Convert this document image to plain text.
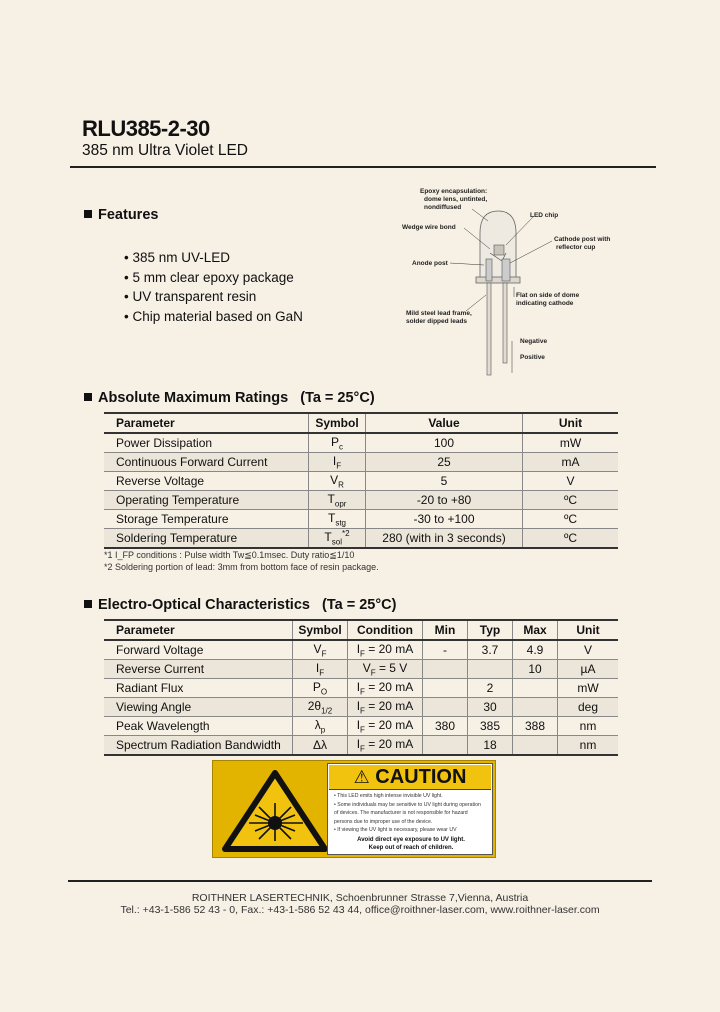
RLU385-2-30
385 nm Ultra Violet LED
Features
• 385 nm UV-LED
• 5 mm clear epoxy package
• UV transparent resin
• Chip material based on GaN
Epoxy encapsulation:
dome lens, untinted,
nondiffused
LED chip
Wedge wire bond
Cathode post with
reflector cup
Anode post
Flat on side of dome
indicating cathode
Mild steel lead frame,
solder dipped leads
Negative
Positive
Absolute Maximum Ratings (Ta = 25°C)
Parameter	Symbol	Value	Unit
Power Dissipation	$P_c$	100	mW
Continuous Forward Current	$I_F$	25	mA
Reverse Voltage	$V_R$	5	V
Operating Temperature	$T_{opr}$	-20 to +80	ºC
Storage Temperature	$T_{stg}$	-30 to +100	ºC
Soldering Temperature	$T_{sol}^{*2}$	280 (with in 3 seconds)	ºC
*1 I_FP conditions : Pulse width Tw≦0.1msec. Duty ratio≦1/10
*2 Soldering portion of lead: 3mm from bottom face of resin package.
Electro-Optical Characteristics (Ta = 25°C)
Parameter	Symbol	Condition	Min	Typ	Max	Unit
Forward Voltage	$V_F$	$I_F = 20$ mA	-	3.7	4.9	V
Reverse Current	$I_F$	$V_F = 5$ V			10	µA
Radiant Flux	$P_O$	$I_F = 20$ mA		2		mW
Viewing Angle	$2\theta_{1/2}$	$I_F = 20$ mA		30		deg
Peak Wavelength	$\lambda_p$	$I_F = 20$ mA	380	385	388	nm
Spectrum Radiation Bandwidth	Δλ	$I_F = 20$ mA		18		nm
⚠ CAUTION
• This LED emits high intense invisible UV light.
• Some individuals may be sensitive to UV light during operation
of devices. The manufacturer is not responsible for hazard
persons due to improper use of the device.
• If viewing the UV light is necessary, please wear UV
Avoid direct eye exposure to UV light.
Keep out of reach of children.
ROITHNER LASERTECHNIK, Schoenbrunner Strasse 7,Vienna, Austria
Tel.: +43-1-586 52 43 - 0, Fax.: +43-1-586 52 43 44, office@roithner-laser.com, www.roithner-laser.com
